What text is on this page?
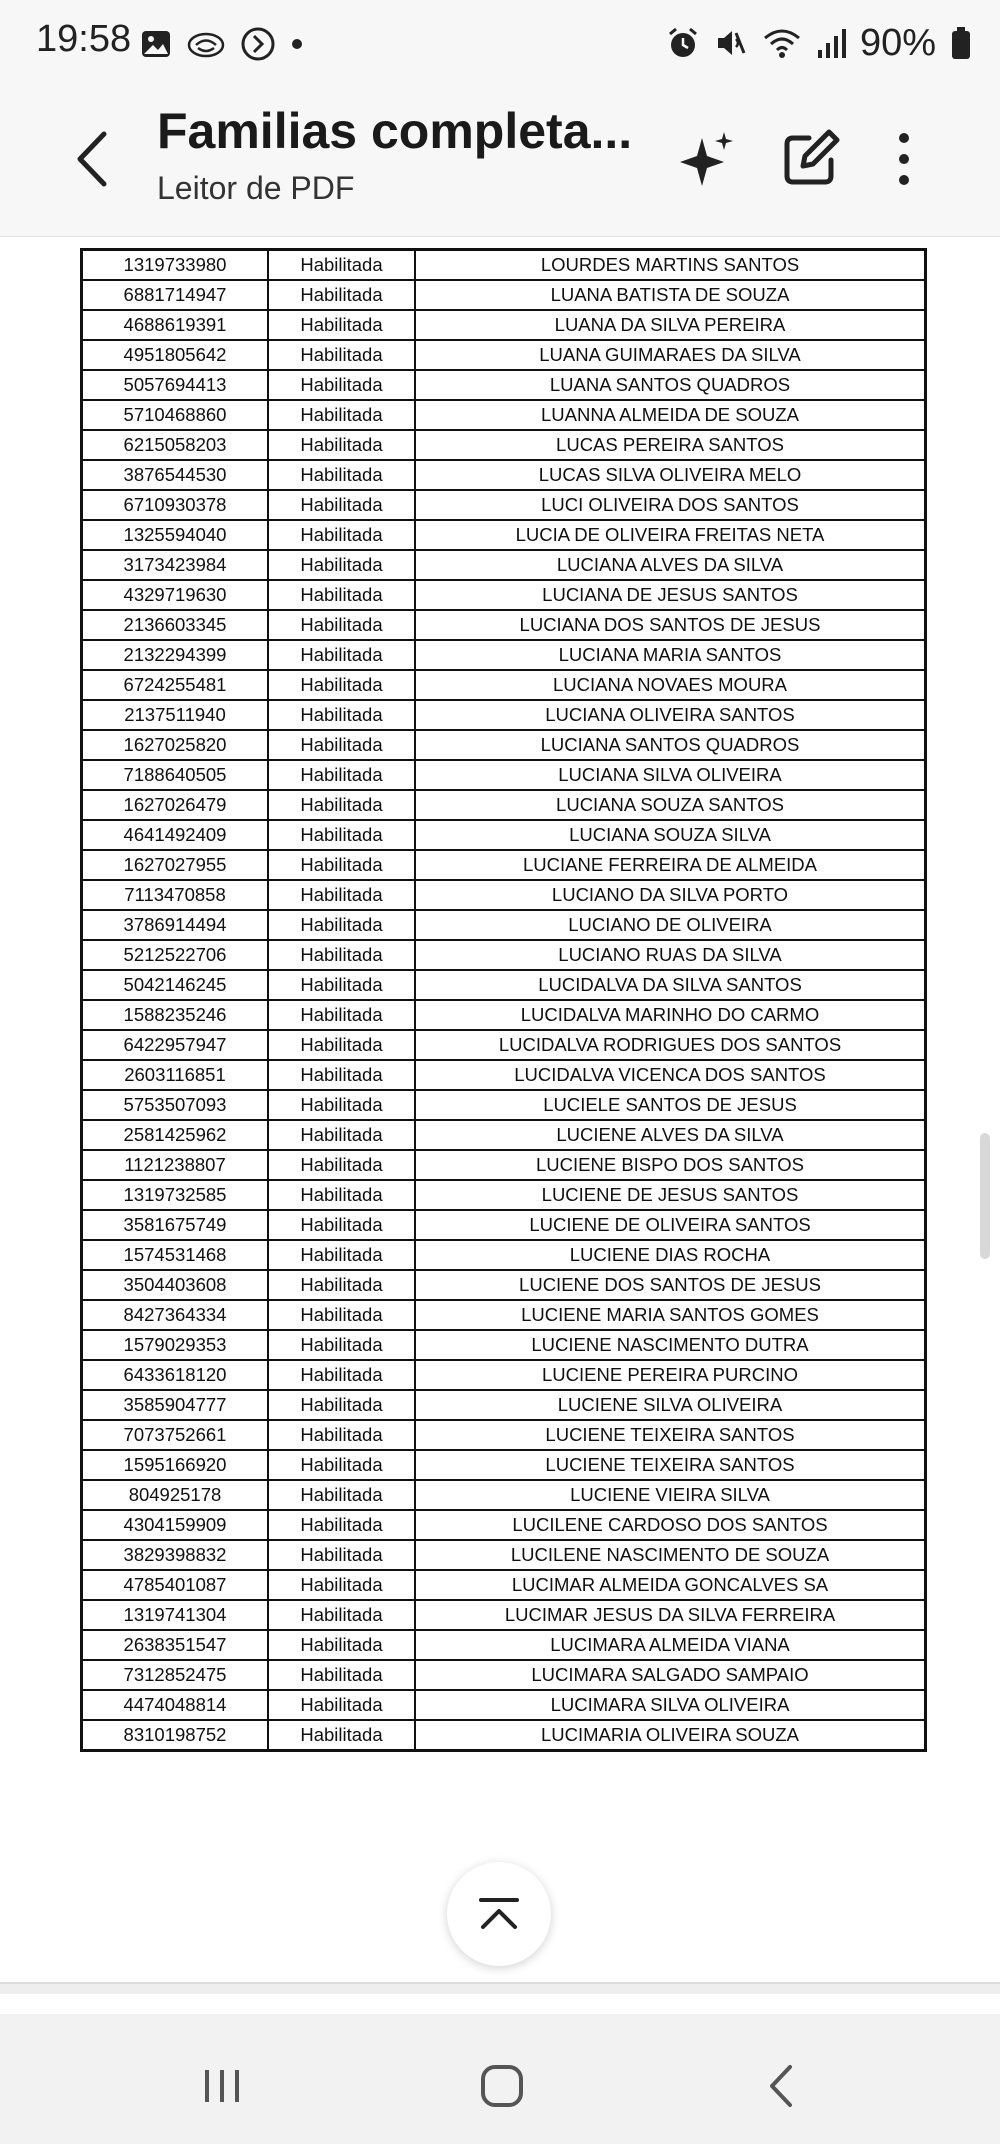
19:58	90%
Familias completa...
Leitor de PDF
1319733980	Habilitada	LOURDES MARTINS SANTOS
6881714947	Habilitada	LUANA BATISTA DE SOUZA
4688619391	Habilitada	LUANA DA SILVA PEREIRA
4951805642	Habilitada	LUANA GUIMARAES DA SILVA
5057694413	Habilitada	LUANA SANTOS QUADROS
5710468860	Habilitada	LUANNA ALMEIDA DE SOUZA
6215058203	Habilitada	LUCAS PEREIRA SANTOS
3876544530	Habilitada	LUCAS SILVA OLIVEIRA MELO
6710930378	Habilitada	LUCI OLIVEIRA DOS SANTOS
1325594040	Habilitada	LUCIA DE OLIVEIRA FREITAS NETA
3173423984	Habilitada	LUCIANA ALVES DA SILVA
4329719630	Habilitada	LUCIANA DE JESUS SANTOS
2136603345	Habilitada	LUCIANA DOS SANTOS DE JESUS
2132294399	Habilitada	LUCIANA MARIA SANTOS
6724255481	Habilitada	LUCIANA NOVAES MOURA
2137511940	Habilitada	LUCIANA OLIVEIRA SANTOS
1627025820	Habilitada	LUCIANA SANTOS QUADROS
7188640505	Habilitada	LUCIANA SILVA OLIVEIRA
1627026479	Habilitada	LUCIANA SOUZA SANTOS
4641492409	Habilitada	LUCIANA SOUZA SILVA
1627027955	Habilitada	LUCIANE FERREIRA DE ALMEIDA
7113470858	Habilitada	LUCIANO DA SILVA PORTO
3786914494	Habilitada	LUCIANO DE OLIVEIRA
5212522706	Habilitada	LUCIANO RUAS DA SILVA
5042146245	Habilitada	LUCIDALVA DA SILVA SANTOS
1588235246	Habilitada	LUCIDALVA MARINHO DO CARMO
6422957947	Habilitada	LUCIDALVA RODRIGUES DOS SANTOS
2603116851	Habilitada	LUCIDALVA VICENCA DOS SANTOS
5753507093	Habilitada	LUCIELE SANTOS DE JESUS
2581425962	Habilitada	LUCIENE ALVES DA SILVA
1121238807	Habilitada	LUCIENE BISPO DOS SANTOS
1319732585	Habilitada	LUCIENE DE JESUS SANTOS
3581675749	Habilitada	LUCIENE DE OLIVEIRA SANTOS
1574531468	Habilitada	LUCIENE DIAS ROCHA
3504403608	Habilitada	LUCIENE DOS SANTOS DE JESUS
8427364334	Habilitada	LUCIENE MARIA SANTOS GOMES
1579029353	Habilitada	LUCIENE NASCIMENTO DUTRA
6433618120	Habilitada	LUCIENE PEREIRA PURCINO
3585904777	Habilitada	LUCIENE SILVA OLIVEIRA
7073752661	Habilitada	LUCIENE TEIXEIRA SANTOS
1595166920	Habilitada	LUCIENE TEIXEIRA SANTOS
804925178	Habilitada	LUCIENE VIEIRA SILVA
4304159909	Habilitada	LUCILENE CARDOSO DOS SANTOS
3829398832	Habilitada	LUCILENE NASCIMENTO DE SOUZA
4785401087	Habilitada	LUCIMAR ALMEIDA GONCALVES SA
1319741304	Habilitada	LUCIMAR JESUS DA SILVA FERREIRA
2638351547	Habilitada	LUCIMARA ALMEIDA VIANA
7312852475	Habilitada	LUCIMARA SALGADO SAMPAIO
4474048814	Habilitada	LUCIMARA SILVA OLIVEIRA
8310198752	Habilitada	LUCIMARIA OLIVEIRA SOUZA
